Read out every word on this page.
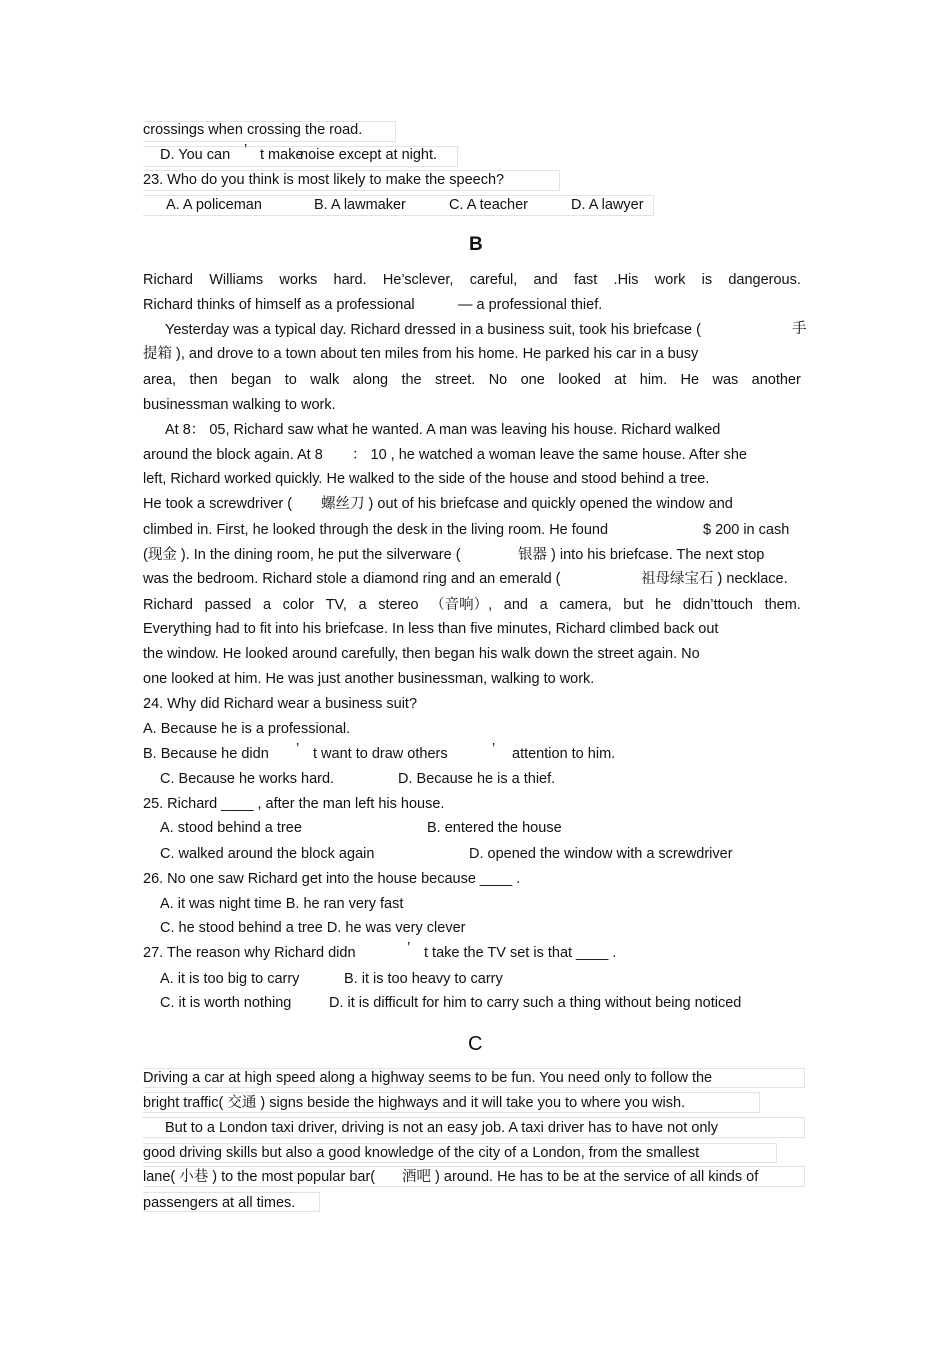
crossings when crossing the road.
D. You can ’ t make
noise except at night.
23. Who do you think is most likely to make the speech?
A. A policeman	B. A lawmaker	C. A teacher	D. A lawyer
B
Richard Williams works hard. He’sclever, careful, and fast .His work is dangerous.
Richard thinks of himself as a professional	— a professional thief.
Yesterday was a typical day. Richard dressed in a business suit, took his briefcase (	手
提箱 ), and drove to a town about ten miles from his home. He parked his car in a busy
area, then began to walk along the street. No one looked at him. He was another
businessman walking to work.
At 8： 05, Richard saw what he wanted. A man was leaving his house. Richard walked
around the block again. At 8 ： 10 , he watched a woman leave the same house. After she
left, Richard worked quickly. He walked to the side of the house and stood behind a tree.
He took a screwdriver ( 螺丝刀 ) out of his briefcase and quickly opened the window and
climbed in. First, he looked through the desk in the living room. He found	$ 200 in cash
(现金 ). In the dining room, he put the silverware (	银器 ) into his briefcase. The next stop
was the bedroom. Richard stole a diamond ring and an emerald (	祖母绿宝石 ) necklace.
Richard passed a color TV, a stereo （音响）, and a camera, but he didn’ttouch them.
Everything had to fit into his briefcase. In less than five minutes, Richard climbed back out
the window. He looked around carefully, then began his walk down the street again. No
one looked at him. He was just another businessman, walking to work.
24. Why did Richard wear a business suit?
A. Because he is a professional.
B. Because he didn ’ t want to draw others	’ attention to him.
C. Because he works hard.	D. Because he is a thief.
25. Richard ____ , after the man left his house.
A. stood behind a tree	B. entered the house
C. walked around the block again	D. opened the window with a screwdriver
26. No one saw Richard get into the house because ____ .
A. it was night time B. he ran very fast
C. he stood behind a tree D. he was very clever
27. The reason why Richard didn	’ t take the TV set is that ____ .
A. it is too big to carry	B. it is too heavy to carry
C. it is worth nothing	D. it is difficult for him to carry such a thing without being noticed
C
Driving a car at high speed along a highway seems to be fun. You need only to follow the
bright traffic( 交通 ) signs beside the highways and it will take you to where you wish.
But to a London taxi driver, driving is not an easy job. A taxi driver has to have not only
good driving skills but also a good knowledge of the city of a London, from the smallest
lane( 小巷 ) to the most popular bar( 酒吧 ) around. He has to be at the service of all kinds of
passengers at all times.
